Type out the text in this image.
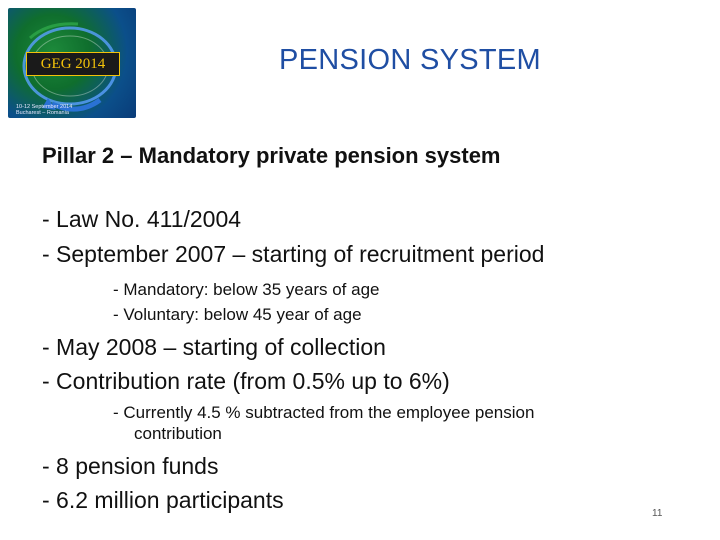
GEG 2014
10-12 September 2014
Bucharest – Romania
PENSION SYSTEM
Pillar 2 – Mandatory private pension system
- Law No. 411/2004
- September 2007 – starting of recruitment period
- Mandatory: below 35 years of age
- Voluntary: below 45 year of age
- May 2008 – starting of collection
- Contribution rate (from 0.5% up to 6%)
- Currently 4.5 % subtracted from the employee pension
contribution
- 8 pension funds
- 6.2 million participants
11
